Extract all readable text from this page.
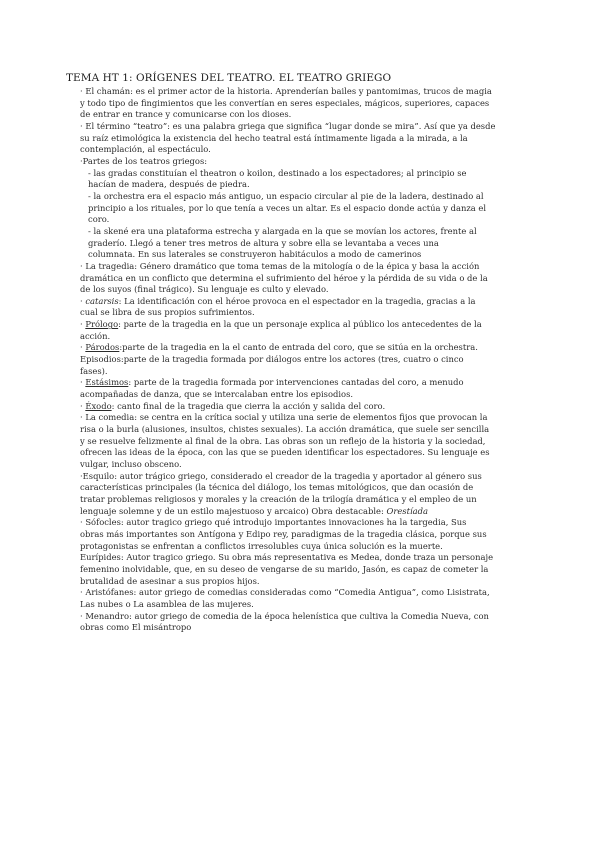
TEMA HT 1: ORÍGENES DEL TEATRO. EL TEATRO GRIEGO

· El chamán: es el primer actor de la historia. Aprenderían bailes y pantomimas, trucos de magia

y todo tipo de fingimientos que les convertían en seres especiales, mágicos, superiores, capaces

de entrar en trance y comunicarse con los dioses.

· El término “teatro”: es una palabra griega que significa “lugar donde se mira”. Así que ya desde

su raíz etimológica la existencia del hecho teatral está íntimamente ligada a la mirada, a la

contemplación, al espectáculo.

·Partes de los teatros griegos:

- las gradas constituían el theatron o koilon, destinado a los espectadores; al principio se

hacían de madera, después de piedra.

- la orchestra era el espacio más antiguo, un espacio circular al pie de la ladera, destinado al

principio a los rituales, por lo que tenía a veces un altar. Es el espacio donde actúa y danza el

coro.

- la skené era una plataforma estrecha y alargada en la que se movían los actores, frente al

graderío. Llegó a tener tres metros de altura y sobre ella se levantaba a veces una

columnata. En sus laterales se construyeron habitáculos a modo de camerinos

· La tragedia: Género dramático que toma temas de la mitología o de la épica y basa la acción

dramática en un conflicto que determina el sufrimiento del héroe y la pérdida de su vida o de la

de los suyos (final trágico). Su lenguaje es culto y elevado.

· catarsis: La identificación con el héroe provoca en el espectador en la tragedia, gracias a la

cual se libra de sus propios sufrimientos.

· Prólogo: parte de la tragedia en la que un personaje explica al público los antecedentes de la

acción.

· Párodos:parte de la tragedia en la el canto de entrada del coro, que se sitúa en la orchestra.

Episodios:parte de la tragedia formada por diálogos entre los actores (tres, cuatro o cinco

fases).

· Estásimos: parte de la tragedia formada por intervenciones cantadas del coro, a menudo

acompañadas de danza, que se intercalaban entre los episodios.

· Éxodo: canto final de la tragedia que cierra la acción y salida del coro.

· La comedia: se centra en la crítica social y utiliza una serie de elementos fijos que provocan la

risa o la burla (alusiones, insultos, chistes sexuales). La acción dramática, que suele ser sencilla

y se resuelve felizmente al final de la obra. Las obras son un reflejo de la historia y la sociedad,

ofrecen las ideas de la época, con las que se pueden identificar los espectadores. Su lenguaje es

vulgar, incluso obsceno.

·Esquilo: autor trágico griego, considerado el creador de la tragedia y aportador al género sus

características principales (la técnica del diálogo, los temas mitológicos, que dan ocasión de

tratar problemas religiosos y morales y la creación de la trilogía dramática y el empleo de un

lenguaje solemne y de un estilo majestuoso y arcaico) Obra destacable: Orestíada

· Sófocles: autor tragico griego qué introdujo importantes innovaciones ha la targedia, Sus

obras más importantes son Antígona y Edipo rey, paradigmas de la tragedia clásica, porque sus

protagonistas se enfrentan a conflictos irresolubles cuya única solución es la muerte.

Eurípides: Autor tragico griego. Su obra más representativa es Medea, donde traza un personaje

femenino inolvidable, que, en su deseo de vengarse de su marido, Jasón, es capaz de cometer la

brutalidad de asesinar a sus propios hijos.

· Aristófanes: autor griego de comedias consideradas como “Comedia Antigua”, como Lisistrata,

Las nubes o La asamblea de las mujeres.

· Menandro: autor griego de comedia de la época helenística que cultiva la Comedia Nueva, con

obras como El misántropo
